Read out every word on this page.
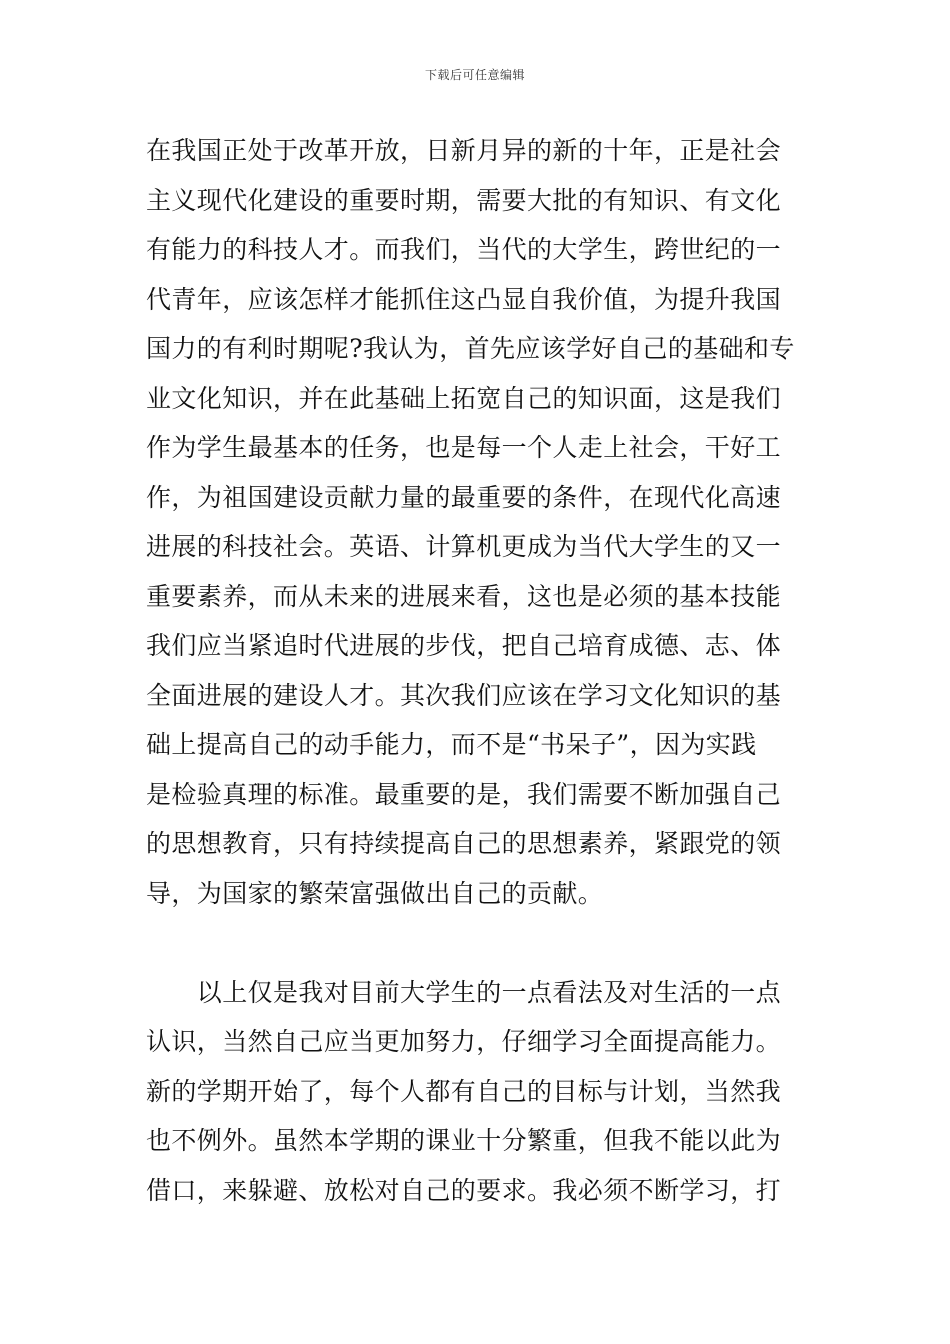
下载后可任意编辑
在我国正处于改革开放，日新月异的新的十年，正是社会
主义现代化建设的重要时期，需要大批的有知识、有文化
有能力的科技人才。而我们，当代的大学生，跨世纪的一
代青年，应该怎样才能抓住这凸显自我价值，为提升我国
国力的有利时期呢?我认为，首先应该学好自己的基础和专
业文化知识，并在此基础上拓宽自己的知识面，这是我们
作为学生最基本的任务，也是每一个人走上社会，干好工
作，为祖国建设贡献力量的最重要的条件，在现代化高速
进展的科技社会。英语、计算机更成为当代大学生的又一
重要素养，而从未来的进展来看，这也是必须的基本技能
我们应当紧追时代进展的步伐，把自己培育成德、志、体
全面进展的建设人才。其次我们应该在学习文化知识的基
础上提高自己的动手能力，而不是“书呆子”，因为实践
是检验真理的标准。最重要的是，我们需要不断加强自己
的思想教育，只有持续提高自己的思想素养，紧跟党的领
导，为国家的繁荣富强做出自己的贡献。
　　以上仅是我对目前大学生的一点看法及对生活的一点
认识，当然自己应当更加努力，仔细学习全面提高能力。
新的学期开始了，每个人都有自己的目标与计划，当然我
也不例外。虽然本学期的课业十分繁重，但我不能以此为
借口，来躲避、放松对自己的要求。我必须不断学习，打
